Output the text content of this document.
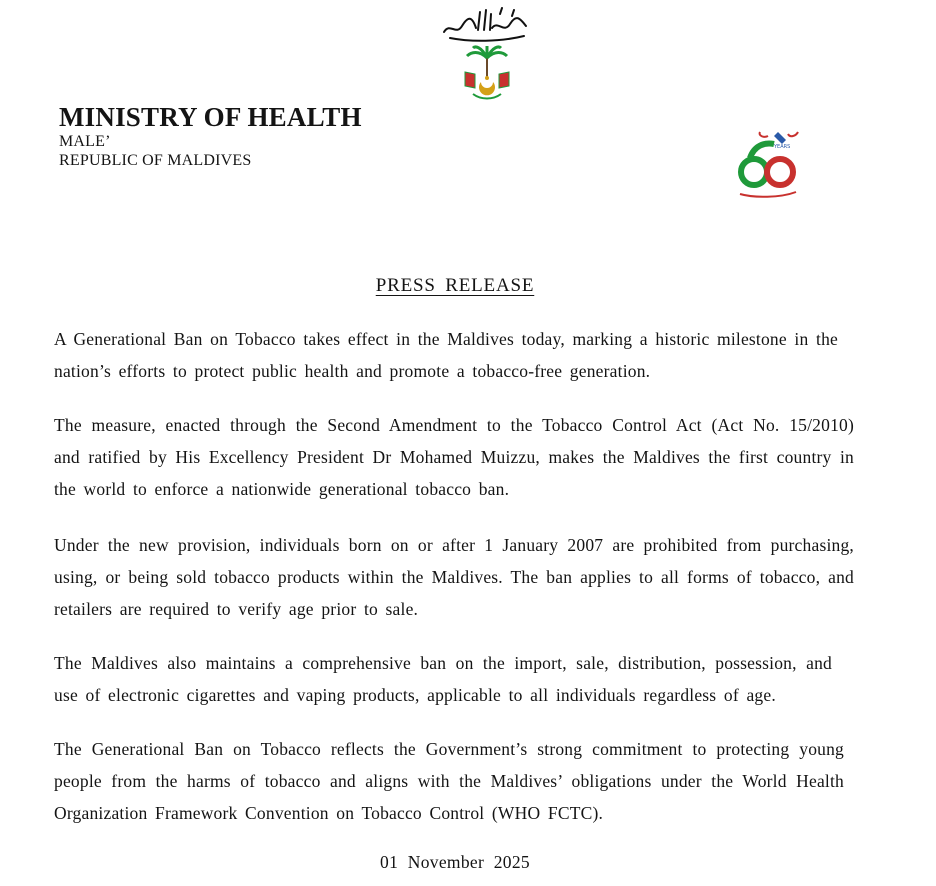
YEARS
MINISTRY OF HEALTH
MALE’
REPUBLIC OF MALDIVES
PRESS RELEASE

A Generational Ban on Tobacco takes effect in the Maldives today, marking a historic milestone in the nation’s efforts to protect public health and promote a tobacco-free generation.

The measure, enacted through the Second Amendment to the Tobacco Control Act (Act No. 15/2010) and ratified by His Excellency President Dr Mohamed Muizzu, makes the Maldives the first country in the world to enforce a nationwide generational tobacco ban.

Under the new provision, individuals born on or after 1 January 2007 are prohibited from purchasing, using, or being sold tobacco products within the Maldives. The ban applies to all forms of tobacco, and retailers are required to verify age prior to sale.

The Maldives also maintains a comprehensive ban on the import, sale, distribution, possession, and use of electronic cigarettes and vaping products, applicable to all individuals regardless of age.

The Generational Ban on Tobacco reflects the Government’s strong commitment to protecting young people from the harms of tobacco and aligns with the Maldives’ obligations under the World Health Organization Framework Convention on Tobacco Control (WHO FCTC).

01 November 2025
